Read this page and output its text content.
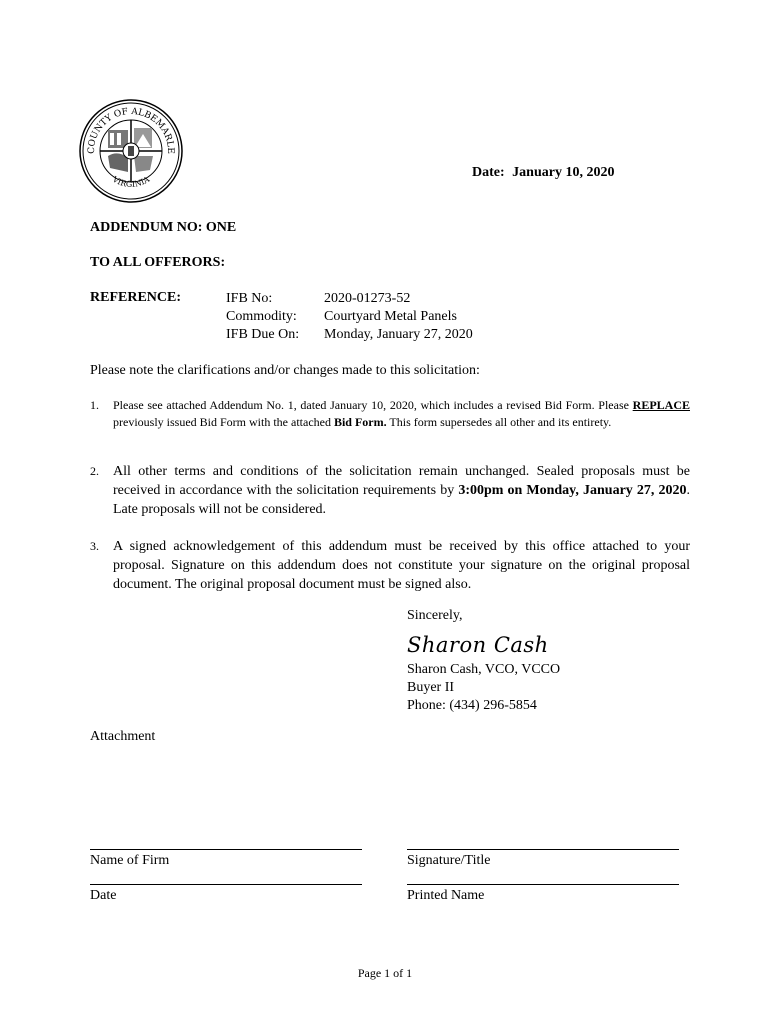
COUNTY OF ALBEMARLE
VIRGINIA
Date: January 10, 2020
ADDENDUM NO: ONE
TO ALL OFFERORS:
REFERENCE:	IFB No:	2020-01273-52
Commodity:	Courtyard Metal Panels
IFB Due On:	Monday, January 27, 2020
Please note the clarifications and/or changes made to this solicitation:
1.	Please see attached Addendum No. 1, dated January 10, 2020, which includes a revised Bid Form. Please REPLACE previously issued Bid Form with the attached Bid Form. This form supersedes all other and its entirety.
2.	All other terms and conditions of the solicitation remain unchanged. Sealed proposals must be received in accordance with the solicitation requirements by 3:00pm on Monday, January 27, 2020. Late proposals will not be considered.
3.	A signed acknowledgement of this addendum must be received by this office attached to your proposal. Signature on this addendum does not constitute your signature on the original proposal document. The original proposal document must be signed also.
Sincerely,
Sharon Cash
Sharon Cash, VCO, VCCO
Buyer II
Phone: (434) 296-5854
Attachment
Name of Firm	Signature/Title
Date	Printed Name
Page 1 of 1
